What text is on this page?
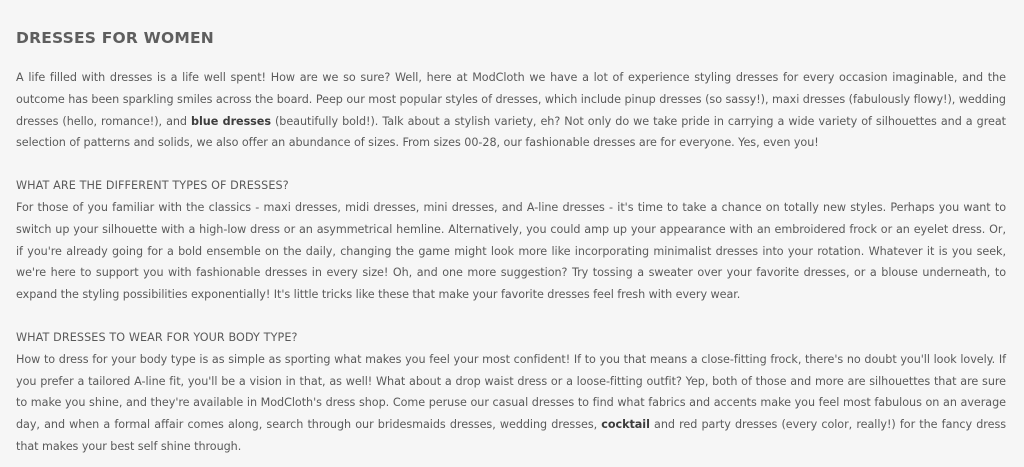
DRESSES FOR WOMEN

A life filled with dresses is a life well spent! How are we so sure? Well, here at ModCloth we have a lot of experience styling dresses for every occasion imaginable, and the outcome has been sparkling smiles across the board. Peep our most popular styles of dresses, which include pinup dresses (so sassy!), maxi dresses (fabulously flowy!), wedding dresses (hello, romance!), and blue dresses (beautifully bold!). Talk about a stylish variety, eh? Not only do we take pride in carrying a wide variety of silhouettes and a great selection of patterns and solids, we also offer an abundance of sizes. From sizes 00-28, our fashionable dresses are for everyone. Yes, even you!

WHAT ARE THE DIFFERENT TYPES OF DRESSES?

For those of you familiar with the classics - maxi dresses, midi dresses, mini dresses, and A-line dresses - it's time to take a chance on totally new styles. Perhaps you want to switch up your silhouette with a high-low dress or an asymmetrical hemline. Alternatively, you could amp up your appearance with an embroidered frock or an eyelet dress. Or, if you're already going for a bold ensemble on the daily, changing the game might look more like incorporating minimalist dresses into your rotation. Whatever it is you seek, we're here to support you with fashionable dresses in every size! Oh, and one more suggestion? Try tossing a sweater over your favorite dresses, or a blouse underneath, to expand the styling possibilities exponentially! It's little tricks like these that make your favorite dresses feel fresh with every wear.

WHAT DRESSES TO WEAR FOR YOUR BODY TYPE?

How to dress for your body type is as simple as sporting what makes you feel your most confident! If to you that means a close-fitting frock, there's no doubt you'll look lovely. If you prefer a tailored A-line fit, you'll be a vision in that, as well! What about a drop waist dress or a loose-fitting outfit? Yep, both of those and more are silhouettes that are sure to make you shine, and they're available in ModCloth's dress shop. Come peruse our casual dresses to find what fabrics and accents make you feel most fabulous on an average day, and when a formal affair comes along, search through our bridesmaids dresses, wedding dresses, cocktail and red party dresses (every color, really!) for the fancy dress that makes your best self shine through.
